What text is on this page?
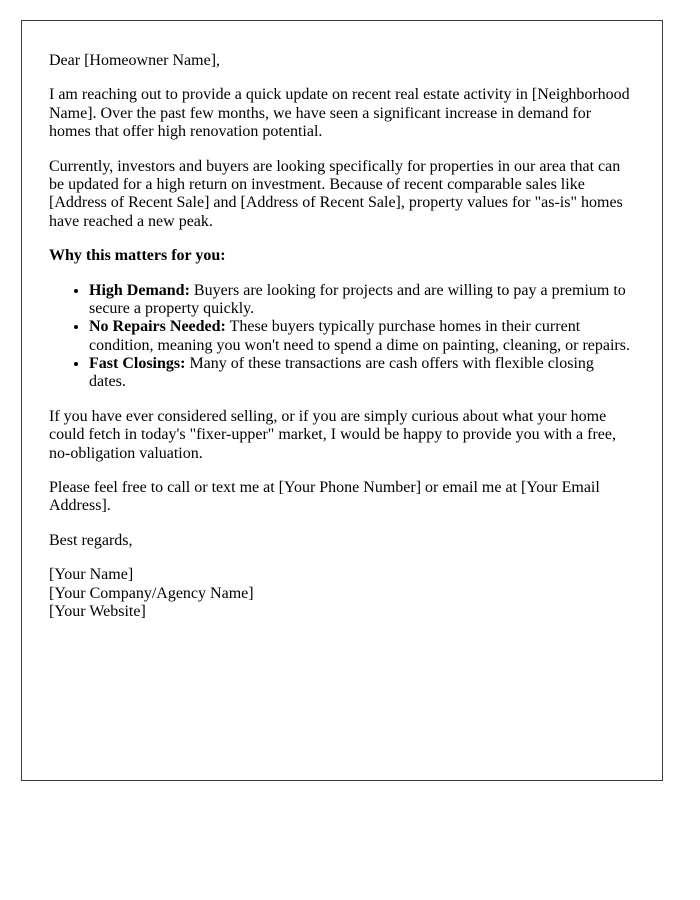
Dear [Homeowner Name],

I am reaching out to provide a quick update on recent real estate activity in [Neighborhood Name]. Over the past few months, we have seen a significant increase in demand for homes that offer high renovation potential.

Currently, investors and buyers are looking specifically for properties in our area that can be updated for a high return on investment. Because of recent comparable sales like [Address of Recent Sale] and [Address of Recent Sale], property values for "as-is" homes have reached a new peak.

Why this matters for you:

• High Demand: Buyers are looking for projects and are willing to pay a premium to secure a property quickly.
• No Repairs Needed: These buyers typically purchase homes in their current condition, meaning you won't need to spend a dime on painting, cleaning, or repairs.
• Fast Closings: Many of these transactions are cash offers with flexible closing dates.

If you have ever considered selling, or if you are simply curious about what your home could fetch in today's "fixer-upper" market, I would be happy to provide you with a free, no-obligation valuation.

Please feel free to call or text me at [Your Phone Number] or email me at [Your Email Address].

Best regards,

[Your Name]
[Your Company/Agency Name]
[Your Website]
